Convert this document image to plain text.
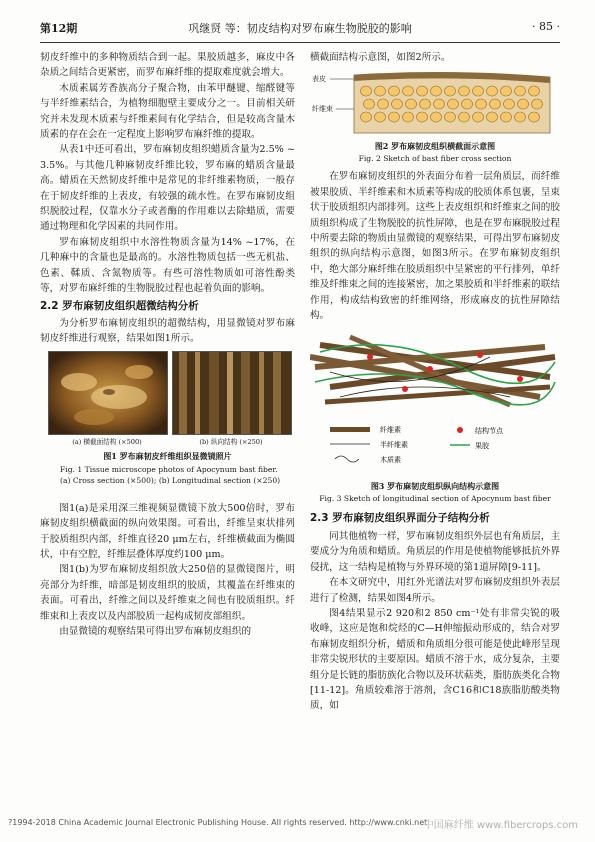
第12期	巩继贤 等：韧皮结构对罗布麻生物脱胶的影响	· 85 ·

韧皮纤维中的多种物质结合到一起。果胶质越多，麻皮中各杂质之间结合更紧密，而罗布麻纤维的提取难度就会增大。

木质素属芳香族高分子聚合物，由苯甲醚键、缩醛键等与半纤维素结合，为植物细胞壁主要成分之一。目前相关研究并未发现木质素与纤维素间有化学结合，但是较高含量木质素的存在会在一定程度上影响罗布麻纤维的提取。

从表1中还可看出，罗布麻韧皮组织蜡质含量为2.5% ~ 3.5%。与其他几种麻韧皮纤维比较，罗布麻的蜡质含量最高。蜡质在天然韧皮纤维中是常见的非纤维素物质，一般存在于韧皮纤维的上表皮，有较强的疏水性。在罗布麻韧皮组织脱胶过程，仅靠水分子或者酶的作用难以去除蜡质，需要通过物理和化学因素的共同作用。

罗布麻韧皮组织中水溶性物质含量为14% ~17%，在几种麻中的含量也是最高的。水溶性物质包括一些无机盐、色素、鞣质、含氮物质等。有些可溶性物质如可溶性酚类等，对罗布麻纤维的生物脱胶过程也起着负面的影响。

2.2 罗布麻韧皮组织超微结构分析

为分析罗布麻韧皮组织的超微结构，用显微镜对罗布麻韧皮纤维进行观察，结果如图1所示。

(a) 横截面结构 (×500)	(b) 纵向结构 (×250)
图1 罗布麻韧皮纤维组织显微镜照片
Fig. 1 Tissue microscope photos of Apocynum bast fiber.
(a) Cross section (×500); (b) Longitudinal section (×250)

图1(a)是采用深三维视频显微镜下放大500倍时，罗布麻韧皮组织横截面的纵向效果图。可看出，纤维呈束状排列于胶质组织内部，纤维直径20 μm左右，纤维横截面为椭圆状，中有空腔，纤维层叠体厚度约100 μm。

图1(b)为罗布麻韧皮组织放大250倍的显微镜图片，明亮部分为纤维，暗部是韧皮组织的胶质，其覆盖在纤维束的表面。可看出，纤维之间以及纤维束之间也有胶质组织。纤维束和上表皮以及内部胶质一起构成韧皮部组织。

由显微镜的观察结果可得出罗布麻韧皮组织的

横截面结构示意图，如图2所示。

表皮
纤维束
图2 罗布麻韧皮组织横截面示意图
Fig. 2 Sketch of bast fiber cross section

在罗布麻韧皮组织的外表面分布着一层角质层，而纤维被果胶质、半纤维素和木质素等构成的胶质体系包裹，呈束状于胶质组织内部排列。这些上表皮组织和纤维束之间的胶质组织构成了生物脱胶的抗性屏障，也是在罗布麻脱胶过程中所要去除的物质由显微镜的观察结果，可得出罗布麻韧皮组织的纵向结构示意图，如图3所示。在罗布麻韧皮组织中，绝大部分麻纤维在胶质组织中呈紧密的平行排列，单纤维及纤维束之间的连接紧密，加之果胶质和半纤维素的联结作用，构成结构致密的纤维网络，形成麻皮的抗性屏障结构。

纤维素
半纤维素
木质素
结构节点
果胶
图3 罗布麻韧皮组织纵向结构示意图
Fig. 3 Sketch of longitudinal section of Apocynum bast fiber
2.3 罗布麻韧皮组织界面分子结构分析

同其他植物一样，罗布麻韧皮组织外层也有角质层，主要成分为角质和蜡质。角质层的作用是使植物能够抵抗外界侵扰，这一结构是植物与外界环境的第1道屏障[9-11]。

在本文研究中，用红外光谱法对罗布麻韧皮组织外表层进行了检测，结果如图4所示。

图4结果显示2 920和2 850 cm⁻¹处有非常尖锐的吸收峰，这应是饱和烷烃的C—H伸缩振动形成的，结合对罗布麻韧皮组织分析，蜡质和角质组分很可能是使此峰形呈现非常尖锐形状的主要原因。蜡质不溶于水，成分复杂，主要组分是长链的脂肪族化合物以及环状萜类，脂肪族类化合物[11-12]。角质较难溶于溶剂，含C16和C18族脂肪酸类物质，如

?1994-2018 China Academic Journal Electronic Publishing House. All rights reserved. http://www.cnki.net
中国麻纤维 www.fibercrops.com
